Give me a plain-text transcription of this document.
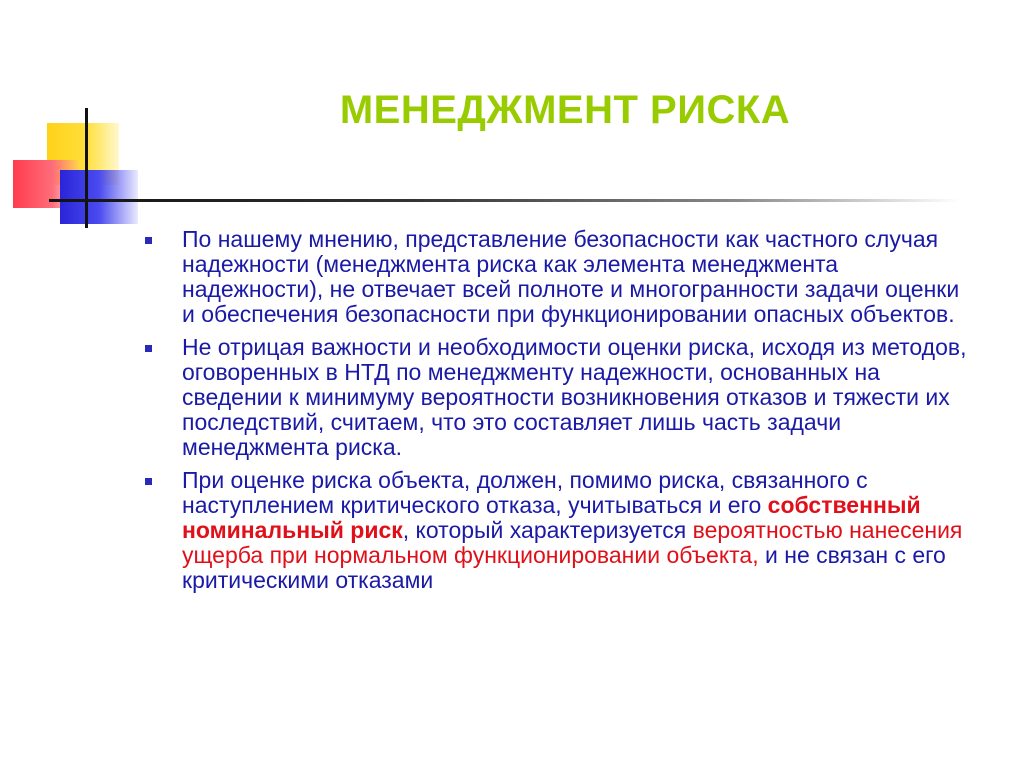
МЕНЕДЖМЕНТ РИСКА
По нашему мнению, представление безопасности как частного случая надежности (менеджмента риска как элемента менеджмента надежности), не отвечает всей полноте и многогранности задачи оценки и обеспечения безопасности при функционировании опасных объектов.
Не отрицая важности и необходимости оценки риска, исходя из методов, оговоренных в НТД по менеджменту надежности, основанных на сведении к минимуму вероятности возникновения отказов и тяжести их последствий, считаем, что это составляет лишь часть задачи менеджмента риска.
При оценке риска объекта, должен, помимо риска, связанного с наступлением критического отказа, учитываться и его собственный номинальный риск, который характеризуется вероятностью нанесения ущерба при нормальном функционировании объекта, и не связан с его критическими отказами
